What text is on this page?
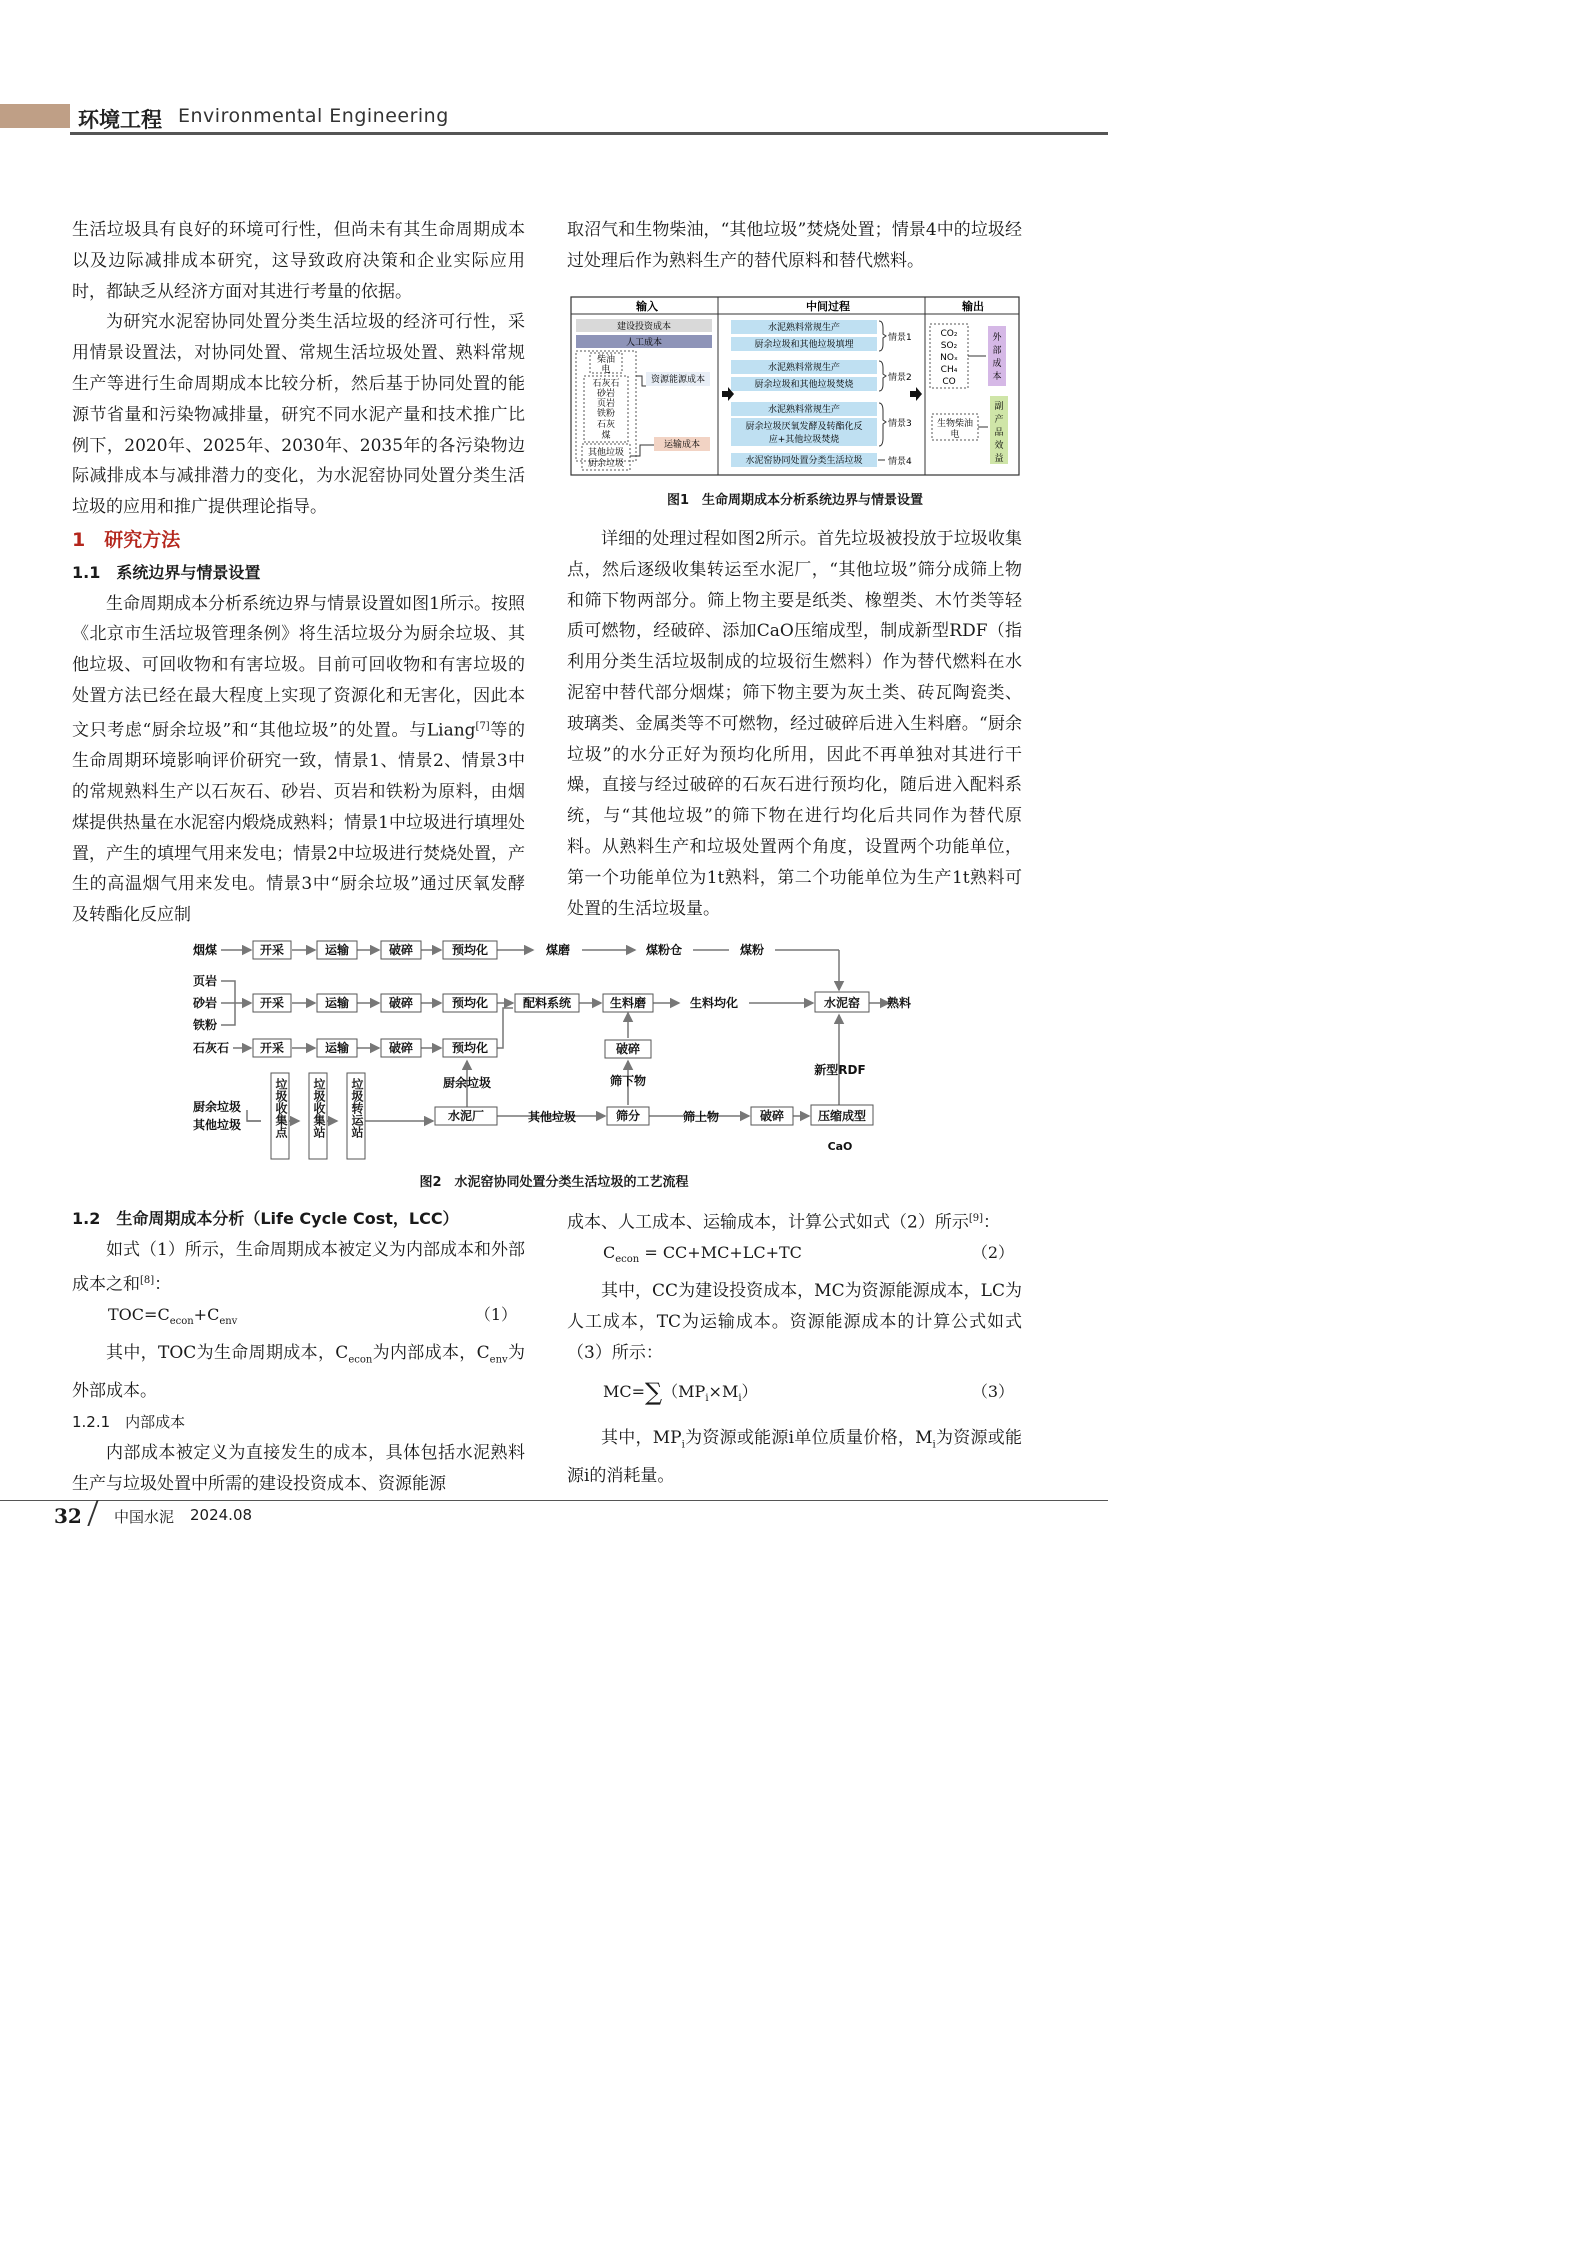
环境工程 Environmental Engineering

生活垃圾具有良好的环境可行性，但尚未有其生命周期成本以及边际减排成本研究，这导致政府决策和企业实际应用时，都缺乏从经济方面对其进行考量的依据。

为研究水泥窑协同处置分类生活垃圾的经济可行性，采用情景设置法，对协同处置、常规生活垃圾处置、熟料常规生产等进行生命周期成本比较分析，然后基于协同处置的能源节省量和污染物减排量，研究不同水泥产量和技术推广比例下，2020年、2025年、2030年、2035年的各污染物边际减排成本与减排潜力的变化，为水泥窑协同处置分类生活垃圾的应用和推广提供理论指导。

1　研究方法
1.1　系统边界与情景设置

生命周期成本分析系统边界与情景设置如图1所示。按照《北京市生活垃圾管理条例》将生活垃圾分为厨余垃圾、其他垃圾、可回收物和有害垃圾。目前可回收物和有害垃圾的处置方法已经在最大程度上实现了资源化和无害化，因此本文只考虑“厨余垃圾”和“其他垃圾”的处置。与Liang[7]等的生命周期环境影响评价研究一致，情景1、情景2、情景3中的常规熟料生产以石灰石、砂岩、页岩和铁粉为原料，由烟煤提供热量在水泥窑内煅烧成熟料；情景1中垃圾进行填埋处置，产生的填埋气用来发电；情景2中垃圾进行焚烧处置，产生的高温烟气用来发电。情景3中“厨余垃圾”通过厌氧发酵及转酯化反应制

取沼气和生物柴油，“其他垃圾”焚烧处置；情景4中的垃圾经过处理后作为熟料生产的替代原料和替代燃料。

输入	中间过程	输出
建设投资成本
人工成本
柴油
电
石灰石
砂岩
页岩
铁粉
石灰
煤
其他垃圾
厨余垃圾
资源能源成本
运输成本
水泥熟料常规生产
厨余垃圾和其他垃圾填埋
水泥熟料常规生产
厨余垃圾和其他垃圾焚烧
水泥熟料常规生产
厨余垃圾厌氧发酵及转酯化反
应+其他垃圾焚烧
水泥窑协同处置分类生活垃圾
情景1
情景2
情景3
情景4
CO₂
SO₂
NOₓ
CH₄
CO
外
部
成
本
生物柴油
电
副
产
品
效
益
图1　生命周期成本分析系统边界与情景设置

详细的处理过程如图2所示。首先垃圾被投放于垃圾收集点，然后逐级收集转运至水泥厂，“其他垃圾”筛分成筛上物和筛下物两部分。筛上物主要是纸类、橡塑类、木竹类等轻质可燃物，经破碎、添加CaO压缩成型，制成新型RDF（指利用分类生活垃圾制成的垃圾衍生燃料）作为替代燃料在水泥窑中替代部分烟煤；筛下物主要为灰土类、砖瓦陶瓷类、玻璃类、金属类等不可燃物，经过破碎后进入生料磨。“厨余垃圾”的水分正好为预均化所用，因此不再单独对其进行干燥，直接与经过破碎的石灰石进行预均化，随后进入配料系统，与“其他垃圾”的筛下物在进行均化后共同作为替代原料。从熟料生产和垃圾处置两个角度，设置两个功能单位，第一个功能单位为1t熟料，第二个功能单位为生产1t熟料可处置的生活垃圾量。

烟煤
页岩
砂岩
铁粉
石灰石
厨余垃圾
其他垃圾
开采	运输	破碎	预均化	煤磨	煤粉仓	煤粉
开采	运输	破碎	预均化	配料系统	生料磨	生料均化	水泥窑 熟料
开采	运输	破碎	预均化	破碎
厨余垃圾	筛下物
新型RDF
水泥厂	其他垃圾	筛分	筛上物	破碎	压缩成型
CaO
垃圾收集点 垃圾收集站 垃圾转运站
图2　水泥窑协同处置分类生活垃圾的工艺流程
1.2　生命周期成本分析（Life Cycle Cost，LCC）

如式（1）所示，生命周期成本被定义为内部成本和外部成本之和[8]：

$TOC=C_{econ}+C_{env}$	（1）

其中，TOC为生命周期成本，$C_{econ}$为内部成本，$C_{env}$为外部成本。

1.2.1　内部成本

内部成本被定义为直接发生的成本，具体包括水泥熟料生产与垃圾处置中所需的建设投资成本、资源能源

成本、人工成本、运输成本，计算公式如式（2）所示[9]：

$C_{econ} = CC+MC+LC+TC$	（2）

其中，CC为建设投资成本，MC为资源能源成本，LC为人工成本，TC为运输成本。资源能源成本的计算公式如式（3）所示：

$MC=\sum(MP_i\times M_i)$	（3）

其中，$MP_i$为资源或能源i单位质量价格，$M_i$为资源或能源i的消耗量。

32 中国水泥 2024.08
